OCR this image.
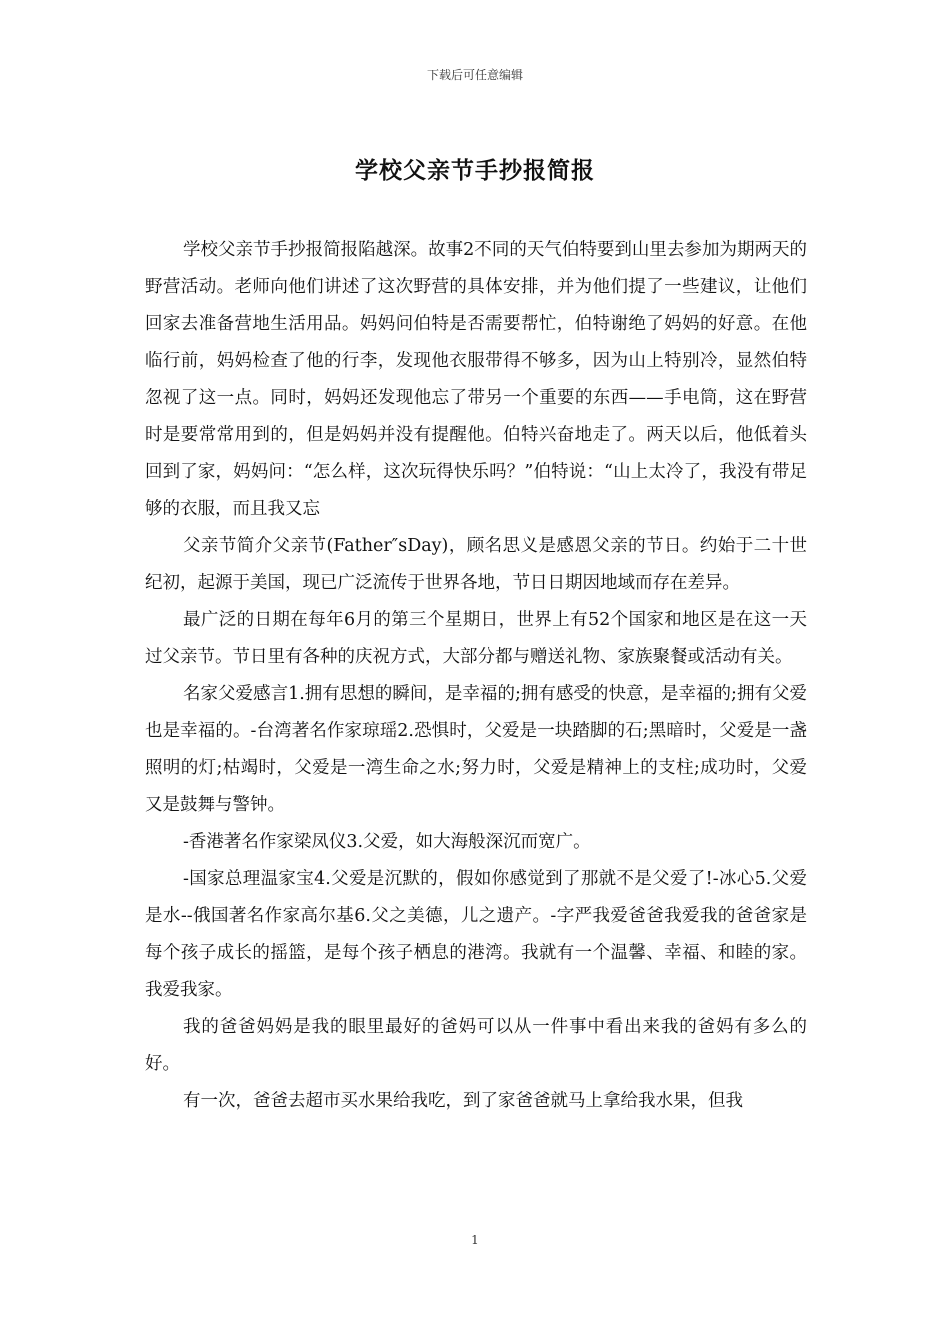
下载后可任意编辑
学校父亲节手抄报简报

学校父亲节手抄报简报陷越深。故事2不同的天气伯特要到山里去参加为期两天的野营活动。老师向他们讲述了这次野营的具体安排，并为他们提了一些建议，让他们回家去准备营地生活用品。妈妈问伯特是否需要帮忙，伯特谢绝了妈妈的好意。在他临行前，妈妈检查了他的行李，发现他衣服带得不够多，因为山上特别冷，显然伯特忽视了这一点。同时，妈妈还发现他忘了带另一个重要的东西——手电筒，这在野营时是要常常用到的，但是妈妈并没有提醒他。伯特兴奋地走了。两天以后，他低着头回到了家，妈妈问：“怎么样，这次玩得快乐吗？”伯特说：“山上太冷了，我没有带足够的衣服，而且我又忘

父亲节简介父亲节(Father″sDay)，顾名思义是感恩父亲的节日。约始于二十世纪初，起源于美国，现已广泛流传于世界各地，节日日期因地域而存在差异。

最广泛的日期在每年6月的第三个星期日，世界上有52个国家和地区是在这一天过父亲节。节日里有各种的庆祝方式，大部分都与赠送礼物、家族聚餐或活动有关。

名家父爱感言1.拥有思想的瞬间，是幸福的;拥有感受的快意，是幸福的;拥有父爱也是幸福的。-台湾著名作家琼瑶2.恐惧时，父爱是一块踏脚的石;黑暗时，父爱是一盏照明的灯;枯竭时，父爱是一湾生命之水;努力时，父爱是精神上的支柱;成功时，父爱又是鼓舞与警钟。

-香港著名作家梁凤仪3.父爱，如大海般深沉而宽广。

-国家总理温家宝4.父爱是沉默的，假如你感觉到了那就不是父爱了!-冰心5.父爱是水--俄国著名作家高尔基6.父之美德，儿之遗产。-字严我爱爸爸我爱我的爸爸家是每个孩子成长的摇篮，是每个孩子栖息的港湾。我就有一个温馨、幸福、和睦的家。我爱我家。

我的爸爸妈妈是我的眼里最好的爸妈可以从一件事中看出来我的爸妈有多么的好。

有一次，爸爸去超市买水果给我吃，到了家爸爸就马上拿给我水果，但我

1
